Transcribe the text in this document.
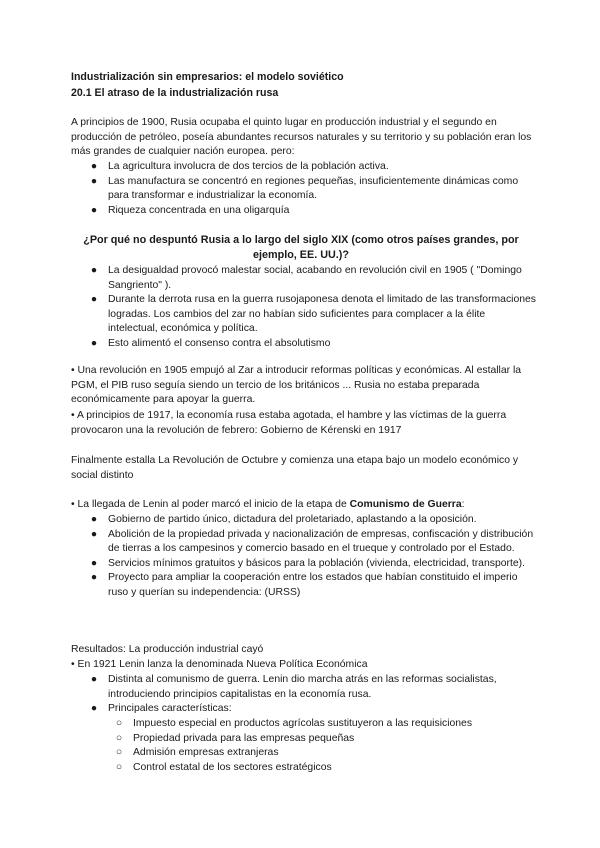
Industrialización sin empresarios: el modelo soviético
20.1 El atraso de la industrialización rusa

A principios de 1900, Rusia ocupaba el quinto lugar en producción industrial y el segundo en producción de petróleo, poseía abundantes recursos naturales y su territorio y su población eran los más grandes de cualquier nación europea. pero:

● La agricultura involucra de dos tercios de la población activa.
● Las manufactura se concentró en regiones pequeñas, insuficientemente dinámicas como para transformar e industrializar la economía.
● Riqueza concentrada en una oligarquía

¿Por qué no despuntó Rusia a lo largo del siglo XIX (como otros países grandes, por ejemplo, EE. UU.)?

● La desigualdad provocó malestar social, acabando en revolución civil en 1905 ( "Domingo Sangriento" ).
● Durante la derrota rusa en la guerra rusojaponesa denota el limitado de las transformaciones logradas. Los cambios del zar no habían sido suficientes para complacer a la élite intelectual, económica y política.
● Esto alimentó el consenso contra el absolutismo

• Una revolución en 1905 empujó al Zar a introducir reformas políticas y económicas. Al estallar la PGM, el PIB ruso seguía siendo un tercio de los británicos ... Rusia no estaba preparada económicamente para apoyar la guerra.

• A principios de 1917, la economía rusa estaba agotada, el hambre y las víctimas de la guerra provocaron una la revolución de febrero: Gobierno de Kérenski en 1917

Finalmente estalla La Revolución de Octubre y comienza una etapa bajo un modelo económico y social distinto

• La llegada de Lenin al poder marcó el inicio de la etapa de Comunismo de Guerra:

● Gobierno de partido único, dictadura del proletariado, aplastando a la oposición.
● Abolición de la propiedad privada y nacionalización de empresas, confiscación y distribución de tierras a los campesinos y comercio basado en el trueque y controlado por el Estado.
● Servicios mínimos gratuitos y básicos para la población (vivienda, electricidad, transporte).
● Proyecto para ampliar la cooperación entre los estados que habían constituido el imperio ruso y querían su independencia: (URSS)

Resultados: La producción industrial cayó

• En 1921 Lenin lanza la denominada Nueva Política Económica

● Distinta al comunismo de guerra. Lenin dio marcha atrás en las reformas socialistas, introduciendo principios capitalistas en la economía rusa.
● Principales características:
○ Impuesto especial en productos agrícolas sustituyeron a las requisiciones
○ Propiedad privada para las empresas pequeñas
○ Admisión empresas extranjeras
○ Control estatal de los sectores estratégicos
